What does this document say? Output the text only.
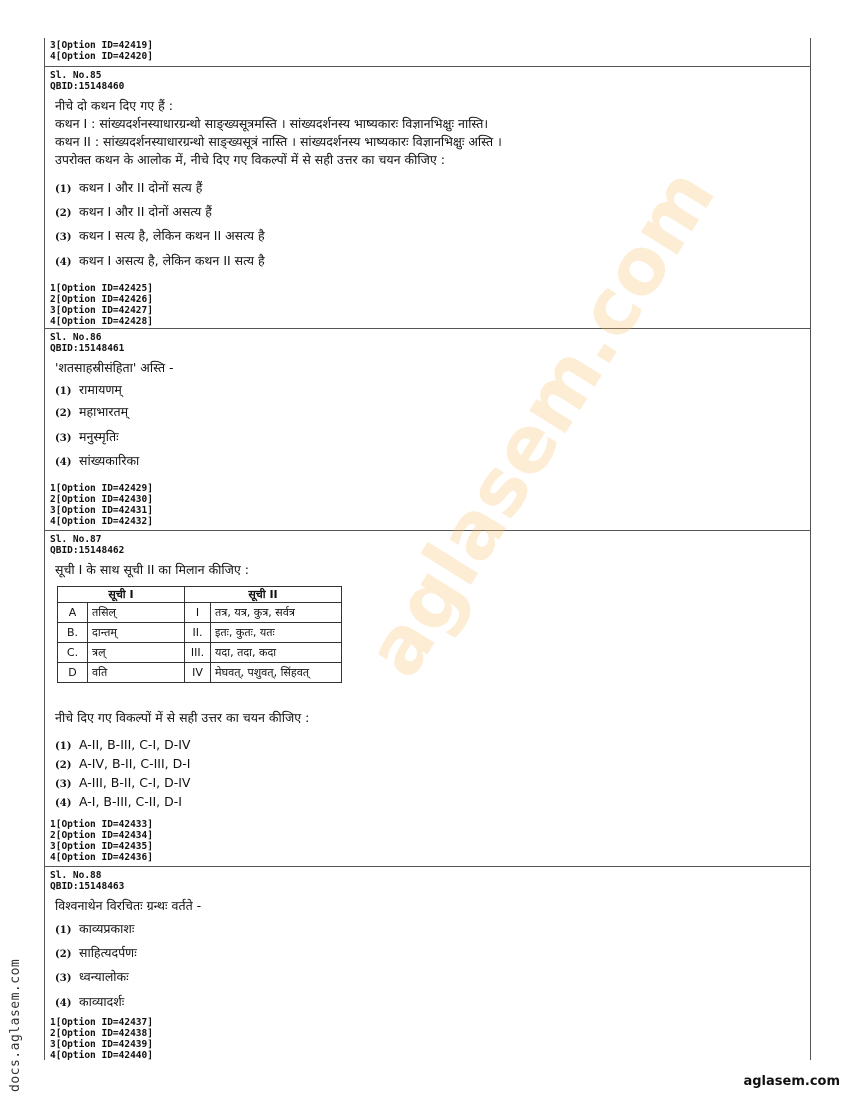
3[Option ID=42419]
4[Option ID=42420]
Sl. No.85
QBID:15148460
नीचे दो कथन दिए गए हैं :
कथन I : सांख्यदर्शनस्याधारग्रन्थो साङ्ख्यसूत्रमस्ति । सांख्यदर्शनस्य भाष्यकारः विज्ञानभिक्षुः नास्ति।
कथन II : सांख्यदर्शनस्याधारग्रन्थो साङ्ख्यसूत्रं नास्ति । सांख्यदर्शनस्य भाष्यकारः विज्ञानभिक्षुः अस्ति ।
उपरोक्त कथन के आलोक में, नीचे दिए गए विकल्पों में से सही उत्तर का चयन कीजिए :
(1) कथन I और II दोनों सत्य हैं
(2) कथन I और II दोनों असत्य हैं
(3) कथन I सत्य है, लेकिन कथन II असत्य है
(4) कथन I असत्य है, लेकिन कथन II सत्य है
1[Option ID=42425]
2[Option ID=42426]
3[Option ID=42427]
4[Option ID=42428]
Sl. No.86
QBID:15148461
'शतसाहस्रीसंहिता' अस्ति -
(1) रामायणम्
(2) महाभारतम्
(3) मनुस्मृतिः
(4) सांख्यकारिका
1[Option ID=42429]
2[Option ID=42430]
3[Option ID=42431]
4[Option ID=42432]
Sl. No.87
QBID:15148462
सूची I के साथ सूची II का मिलान कीजिए :
सूची I		सूची II	
A	तसिल्	I	तत्र, यत्र, कुत्र, सर्वत्र
B.	दान्तम्	II.	इतः, कुतः, यतः
C.	त्रल्	III.	यदा, तदा, कदा
D	वति	IV	मेघवत्, पशुवत्, सिंहवत्
नीचे दिए गए विकल्पों में से सही उत्तर का चयन कीजिए :
(1) A-II, B-III, C-I, D-IV
(2) A-IV, B-II, C-III, D-I
(3) A-III, B-II, C-I, D-IV
(4) A-I, B-III, C-II, D-I
1[Option ID=42433]
2[Option ID=42434]
3[Option ID=42435]
4[Option ID=42436]
Sl. No.88
QBID:15148463
विश्वनाथेन विरचितः ग्रन्थः वर्तते -
(1) काव्यप्रकाशः
(2) साहित्यदर्पणः
(3) ध्वन्यालोकः
(4) काव्यादर्शः
1[Option ID=42437]
2[Option ID=42438]
3[Option ID=42439]
4[Option ID=42440]
aglasem.com
docs.aglasem.com	aglasem.com
